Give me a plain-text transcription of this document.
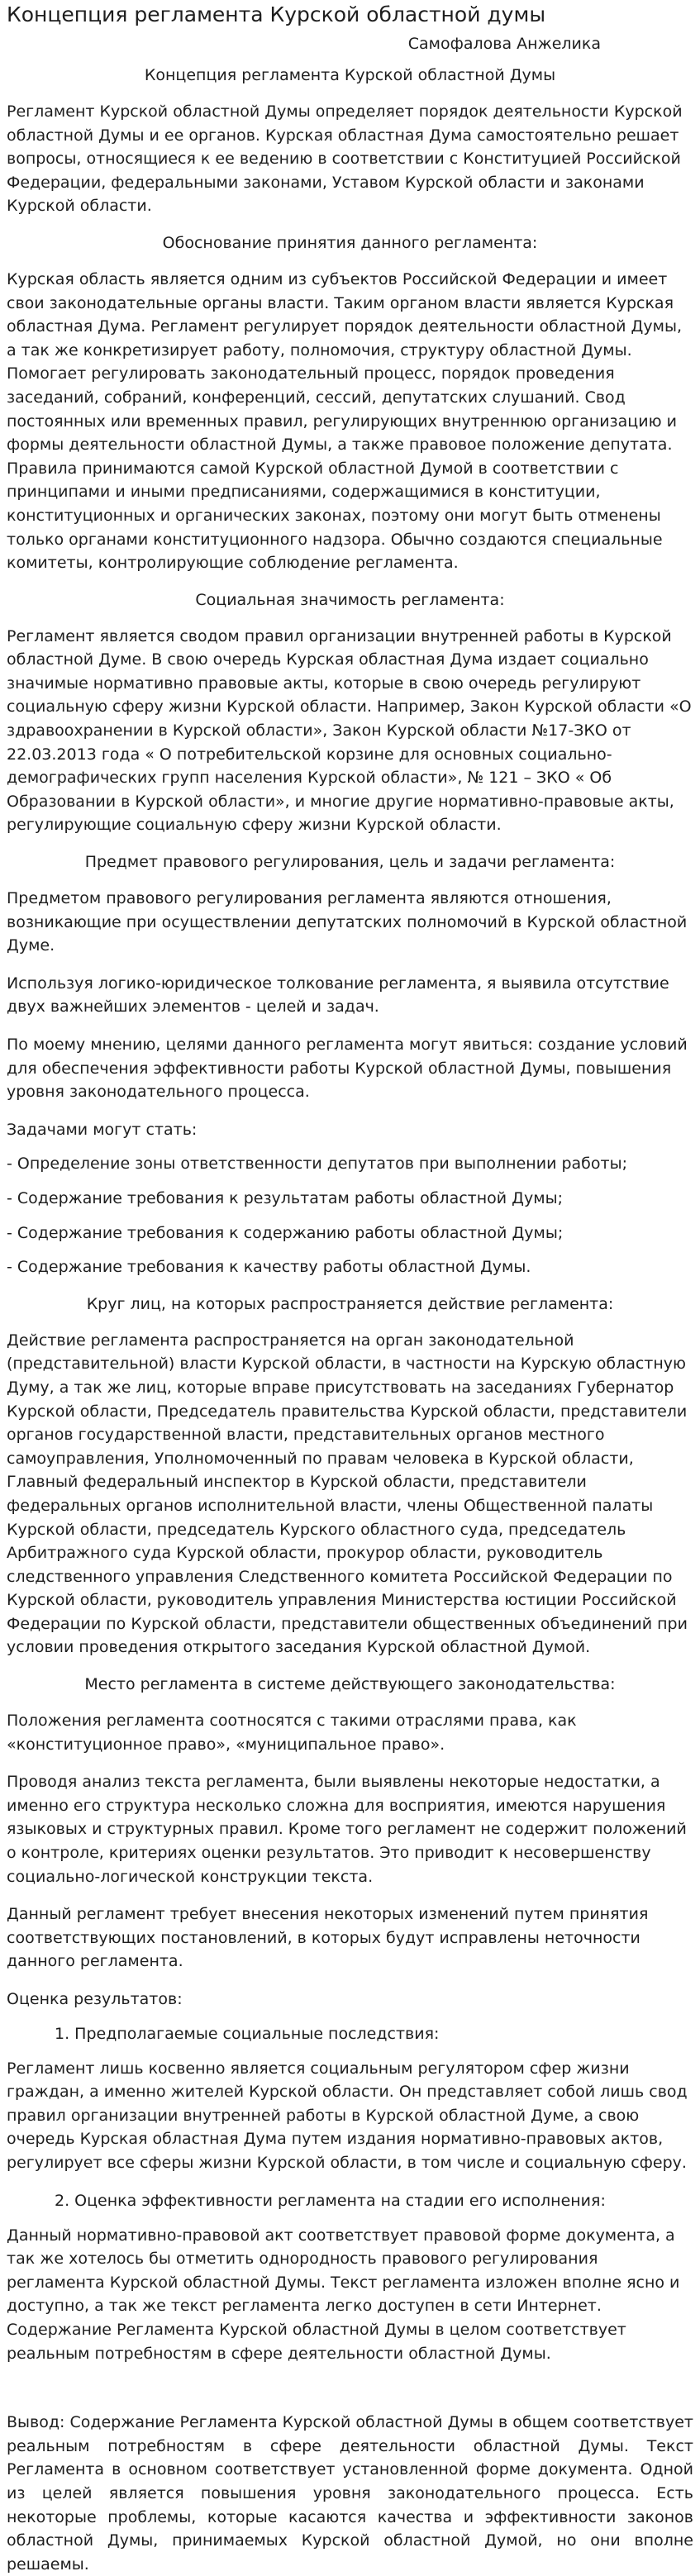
Концепция регламента Курской областной думы
Самофалова Анжелика
Концепция регламента Курской областной Думы

Регламент Курской областной Думы определяет порядок деятельности Курской областной Думы и ее органов. Курская областная Дума самостоятельно решает вопросы, относящиеся к ее ведению в соответствии с Конституцией Российской Федерации, федеральными законами, Уставом Курской области и законами Курской области.

Обоснование принятия данного регламента:

Курская область является одним из субъектов Российской Федерации и имеет свои законодательные органы власти. Таким органом власти является Курская областная Дума. Регламент регулирует порядок деятельности областной Думы, а так же конкретизирует работу, полномочия, структуру областной Думы. Помогает регулировать законодательный процесс, порядок проведения заседаний, собраний, конференций, сессий, депутатских слушаний. Свод постоянных или временных правил, регулирующих внутреннюю организацию и формы деятельности областной Думы, а также правовое положение депутата. Правила принимаются самой Курской областной Думой в соответствии с принципами и иными предписаниями, содержащимися в конституции, конституционных и органических законах, поэтому они могут быть отменены только органами конституционного надзора. Обычно создаются специальные комитеты, контролирующие соблюдение регламента.

Социальная значимость регламента:

Регламент является сводом правил организации внутренней работы в Курской областной Думе. В свою очередь Курская областная Дума издает социально значимые нормативно правовые акты, которые в свою очередь регулируют социальную сферу жизни Курской области. Например, Закон Курской области «О здравоохранении в Курской области», Закон Курской области №17-ЗКО от 22.03.2013 года « О потребительской корзине для основных социально-демографических групп населения Курской области», № 121 – ЗКО « Об Образовании в Курской области», и многие другие нормативно-правовые акты, регулирующие социальную сферу жизни Курской области.

Предмет правового регулирования, цель и задачи регламента:

Предметом правового регулирования регламента являются отношения, возникающие при осуществлении депутатских полномочий в Курской областной Думе.

Используя логико-юридическое толкование регламента, я выявила отсутствие двух важнейших элементов - целей и задач.

По моему мнению, целями данного регламента могут явиться: создание условий для обеспечения эффективности работы Курской областной Думы, повышения уровня законодательного процесса.

Задачами могут стать:

- Определение зоны ответственности депутатов при выполнении работы;

- Содержание требования к результатам работы областной Думы;

- Содержание требования к содержанию работы областной Думы;

- Содержание требования к качеству работы областной Думы.

Круг лиц, на которых распространяется действие регламента:

Действие регламента распространяется на орган законодательной (представительной) власти Курской области, в частности на Курскую областную Думу, а так же лиц, которые вправе присутствовать на заседаниях Губернатор Курской области, Председатель правительства Курской области, представители органов государственной власти, представительных органов местного самоуправления, Уполномоченный по правам человека в Курской области, Главный федеральный инспектор в Курской области, представители федеральных органов исполнительной власти, члены Общественной палаты Курской области, председатель Курского областного суда, председатель Арбитражного суда Курской области, прокурор области, руководитель следственного управления Следственного комитета Российской Федерации по Курской области, руководитель управления Министерства юстиции Российской Федерации по Курской области, представители общественных объединений при условии проведения открытого заседания Курской областной Думой.

Место регламента в системе действующего законодательства:

Положения регламента соотносятся с такими отраслями права, как «конституционное право», «муниципальное право».

Проводя анализ текста регламента, были выявлены некоторые недостатки, а именно его структура несколько сложна для восприятия, имеются нарушения языковых и структурных правил. Кроме того регламент не содержит положений о контроле, критериях оценки результатов. Это приводит к несовершенству социально-логической конструкции текста.

Данный регламент требует внесения некоторых изменений путем принятия соответствующих постановлений, в которых будут исправлены неточности данного регламента.

Оценка результатов:

1. Предполагаемые социальные последствия:

Регламент лишь косвенно является социальным регулятором сфер жизни граждан, а именно жителей Курской области. Он представляет собой лишь свод правил организации внутренней работы в Курской областной Думе, а свою очередь Курская областная Дума путем издания нормативно-правовых актов, регулирует все сферы жизни Курской области, в том числе и социальную сферу.

2. Оценка эффективности регламента на стадии его исполнения:

Данный нормативно-правовой акт соответствует правовой форме документа, а так же хотелось бы отметить однородность правового регулирования регламента Курской областной Думы. Текст регламента изложен вполне ясно и доступно, а так же текст регламента легко доступен в сети Интернет. Содержание Регламента Курской областной Думы в целом соответствует реальным потребностям в сфере деятельности областной Думы.

Вывод: Содержание Регламента Курской областной Думы в общем соответствует реальным потребностям в сфере деятельности областной Думы. Текст Регламента в основном соответствует установленной форме документа. Одной из целей является повышения уровня законодательного процесса. Есть некоторые проблемы, которые касаются качества и эффективности законов областной Думы, принимаемых Курской областной Думой, но они вполне решаемы.
